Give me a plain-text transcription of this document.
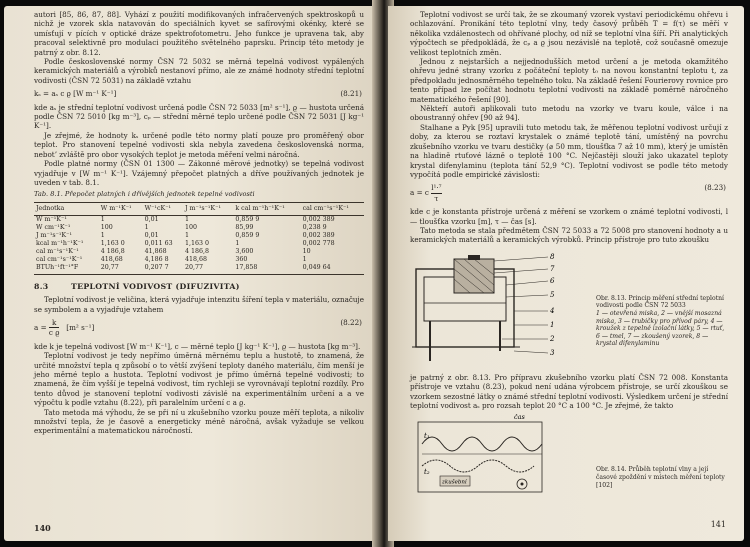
autori [85, 86, 87, 88]. Vyhází z použití modifikovaných infračervených spektroskopů u nichž je vzorek skla natavován do speciálních kyvet se safírovými okénky, které se umísťují v pících v optické dráze spektrofotometru. Jeho funkce je upravena tak, aby pracoval selektivně pro modulaci použitého světelného paprsku. Princip této metody je patrný z obr. 8.12.

Podle československé normy ČSN 72 5032 se měrná tepelná vodivost vypálených keramických materiálů a výrobků nestanoví přímo, ale ze známé hodnoty střední teplotní vodivosti (ČSN 72 5031) na základě vztahu

kₛ = aₛ c ϱ [W m⁻¹ K⁻¹]	(8.21)

kde aₛ je střední teplotní vodivost určená podle ČSN 72 5033 [m² s⁻¹], ϱ — hustota určená podle ČSN 72 5010 [kg m⁻³], cₚ — střední měrné teplo určené podle ČSN 72 5031 [J kg⁻¹ K⁻¹].

Je zřejmé, že hodnoty kₛ určené podle této normy platí pouze pro proměřený obor teplot. Pro stanovení tepelné vodivosti skla nebyla zavedena československá norma, nebot’ zvláště pro obor vysokých teplot je metoda měření velmi náročná.

Podle platné normy (ČSN 01 1300 — Zákonné měrové jednotky) se tepelná vodivost vyjadřuje v [W m⁻¹ K⁻¹]. Vzájemný přepočet platných a dříve používaných jednotek je uveden v tab. 8.1.

Tab. 8.1. Přepočet platných i dřívějších jednotek tepelné vodivosti
Jednotka	W m⁻¹K⁻¹	W⁻¹cK⁻¹	J m⁻¹s⁻¹K⁻¹	k cal m⁻¹h⁻¹K⁻¹	cal cm⁻¹s⁻¹K⁻¹
W m⁻¹K⁻¹	1	0,01	1	0,859 9	0,002 389
W cm⁻¹K⁻¹	100	1	100	85,99	0,238 9
J m⁻¹s⁻¹K⁻¹	1	0,01	1	0,859 9	0,002 389
kcal m⁻¹h⁻¹K⁻¹	1,163 0	0,011 63	1,163 0	1	0,002 778
cal m⁻¹s⁻¹K⁻¹	4 186,8	41,868	4 186,8	3,600	10
cal cm⁻¹s⁻¹K⁻¹	418,68	4,186 8	418,68	360	1
BTUh⁻¹ft⁻¹°F	20,77	0,207 7	20,77	17,858	0,049 64
8.3	TEPLOTNÍ VODIVOST (DIFUZIVITA)

Teplotní vodivost je veličina, která vyjadřuje intenzitu šíření tepla v materiálu, označuje se symbolem a a vyjadřuje vztahem

$a = \frac{k}{\text{c ϱ}} [m^2$ s⁻¹]
(8.22)

kde k je tepelná vodivost [W m⁻¹ K⁻¹], c — měrné teplo [J kg⁻¹ K⁻¹], ϱ — hustota [kg m⁻³].

Teplotní vodivost je tedy nepřímo úměrná měrnému teplu a hustotě, to znamená, že určité množství tepla q způsobí o to větší zvýšení teploty daného materiálu, čím menší je jeho měrné teplo a hustota. Teplotní vodivost je přímo úměrná tepelné vodivosti; to znamená, že čím vyšší je tepelná vodivost, tím rychleji se vyrovnávají teplotní rozdíly. Pro tento důvod je stanovení teplotní vodivosti závislé na experimentálním určení a a ve výpočtu k podle vztahu (8.22), při paralelním určení c a ϱ.

Tato metoda má výhodu, že se při ní u zkušebního vzorku pouze měří teplota, a nikoliv množství tepla, že je časově a energeticky méně náročná, avšak vyžaduje se velkou experimentální a matematickou náročností.

140

Teplotní vodivost se určí tak, že se zkoumaný vzorek vystaví periodickému ohřevu i ochlazování. Pronikání této teplotní vlny, tedy časový průběh T = f(τ) se měří v několika vzdálenostech od ohřívané plochy, od níž se teplotní vlna šíří. Při analytických výpočtech se předpokládá, že cₚ a ϱ jsou nezávislé na teplotě, což současně omezuje velikost teplotních změn.

Jednou z nejstarších a nejjednodušších metod určení a je metoda okamžitého ohřevu jedné strany vzorku z počáteční teploty t₀ na novou konstantní teplotu t, za předpokladu jednosměrného tepelného toku. Na základě řešení Fourierovy rovnice pro tento případ lze počítat hodnotu teplotní vodivosti na základě poměrně náročného matematického řešení [90].

Někteří autoři aplikovali tuto metodu na vzorky ve tvaru koule, válce i na oboustranný ohřev [90 až 94].

Stalhane a Pyk [95] upravili tuto metodu tak, že měřenou teplotní vodivost určují z doby, za kterou se roztaví krystalek o známé teplotě tání, umístěný na povrchu zkušebního vzorku ve tvaru destičky (⌀ 50 mm, tloušťka 7 až 10 mm), který je umístěn na hladině rtuťové lázně o teplotě 100 °C. Nejčastěji slouží jako ukazatel teploty krystal difenylaminu (teplota tání 52,9 °C). Teplotní vodivost se podle této metody vypočítá podle empirické závislosti:

a = c $\frac{\text{l¹·⁷}}{\tau}$	(8.23)

kde c je konstanta přístroje určená z měření se vzorkem o známé teplotní vodivosti, l — tloušťka vzorku [m], τ — čas [s].

Tato metoda se stala předmětem ČSN 72 5033 a 72 5008 pro stanovení hodnoty a u keramických materiálů a keramických výrobků. Princip přístroje pro tuto zkoušku

8
7
6
5
4
1
2
3
Obr. 8.13. Princip měření střední teplotní vodivosti podle ČSN 72 5033
1 — otevřená miska, 2 — vnější mosazná miska, 3 — trubičky pro přívod páry, 4 — kroužek z tepelně izolační látky, 5 — rtuť, 6 — tmel, 7 — zkoušený vzorek, 8 — krystal difenylaminu

je patrný z obr. 8.13. Pro přípravu zkušebního vzorku platí ČSN 72 008. Konstanta přístroje ve vztahu (8.23), pokud není udána výrobcem přístroje, se určí zkouškou se vzorkem sezostné látky o známé střední teplotní vodivosti. Výsledkem určení je střední teplotní vodivost aₛ pro rozsah teplot 20 °C a 100 °C. Je zřejmé, že takto

t₁
t₂
čas
zkušební
Obr. 8.14. Průběh teplotní vlny a její časové zpoždění v místech měření teploty [102]
141
